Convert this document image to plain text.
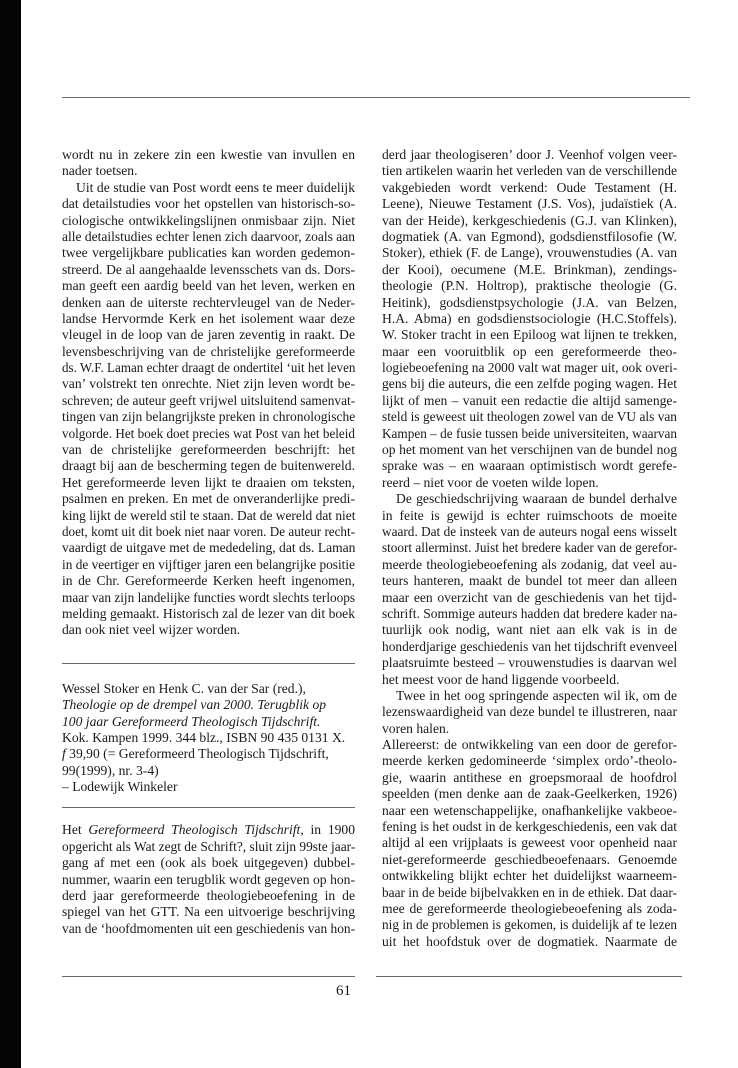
wordt nu in zekere zin een kwestie van invullen en
nader toetsen.
Uit de studie van Post wordt eens te meer duidelijk
dat detailstudies voor het opstellen van historisch-so-
ciologische ontwikkelingslijnen onmisbaar zijn. Niet
alle detailstudies echter lenen zich daarvoor, zoals aan
twee vergelijkbare publicaties kan worden gedemon-
streerd. De al aangehaalde levensschets van ds. Dors-
man geeft een aardig beeld van het leven, werken en
denken aan de uiterste rechtervleugel van de Neder-
landse Hervormde Kerk en het isolement waar deze
vleugel in de loop van de jaren zeventig in raakt. De
levensbeschrijving van de christelijke gereformeerde
ds. W.F. Laman echter draagt de ondertitel ‘uit het leven
van’ volstrekt ten onrechte. Niet zijn leven wordt be-
schreven; de auteur geeft vrijwel uitsluitend samenvat-
tingen van zijn belangrijkste preken in chronologische
volgorde. Het boek doet precies wat Post van het beleid
van de christelijke gereformeerden beschrijft: het
draagt bij aan de bescherming tegen de buitenwereld.
Het gereformeerde leven lijkt te draaien om teksten,
psalmen en preken. En met de onveranderlijke predi-
king lijkt de wereld stil te staan. Dat de wereld dat niet
doet, komt uit dit boek niet naar voren. De auteur recht-
vaardigt de uitgave met de mededeling, dat ds. Laman
in de veertiger en vijftiger jaren een belangrijke positie
in de Chr. Gereformeerde Kerken heeft ingenomen,
maar van zijn landelijke functies wordt slechts terloops
melding gemaakt. Historisch zal de lezer van dit boek
dan ook niet veel wijzer worden.
Wessel Stoker en Henk C. van der Sar (red.),
Theologie op de drempel van 2000. Terugblik op
100 jaar Gereformeerd Theologisch Tijdschrift.
Kok. Kampen 1999. 344 blz., ISBN 90 435 0131 X.
f 39,90 (= Gereformeerd Theologisch Tijdschrift,
99(1999), nr. 3-4)
– Lodewijk Winkeler
Het Gereformeerd Theologisch Tijdschrift, in 1900
opgericht als Wat zegt de Schrift?, sluit zijn 99ste jaar-
gang af met een (ook als boek uitgegeven) dubbel-
nummer, waarin een terugblik wordt gegeven op hon-
derd jaar gereformeerde theologiebeoefening in de
spiegel van het GTT. Na een uitvoerige beschrijving
van de ‘hoofdmomenten uit een geschiedenis van hon-
derd jaar theologiseren’ door J. Veenhof volgen veer-
tien artikelen waarin het verleden van de verschillende
vakgebieden wordt verkend: Oude Testament (H.
Leene), Nieuwe Testament (J.S. Vos), judaïstiek (A.
van der Heide), kerkgeschiedenis (G.J. van Klinken),
dogmatiek (A. van Egmond), godsdienstfilosofie (W.
Stoker), ethiek (F. de Lange), vrouwenstudies (A. van
der Kooi), oecumene (M.E. Brinkman), zendings-
theologie (P.N. Holtrop), praktische theologie (G.
Heitink), godsdienstpsychologie (J.A. van Belzen,
H.A. Abma) en godsdienstsociologie (H.C.Stoffels).
W. Stoker tracht in een Epiloog wat lijnen te trekken,
maar een vooruitblik op een gereformeerde theo-
logiebeoefening na 2000 valt wat mager uit, ook overi-
gens bij die auteurs, die een zelfde poging wagen. Het
lijkt of men – vanuit een redactie die altijd samenge-
steld is geweest uit theologen zowel van de VU als van
Kampen – de fusie tussen beide universiteiten, waarvan
op het moment van het verschijnen van de bundel nog
sprake was – en waaraan optimistisch wordt gerefe-
reerd – niet voor de voeten wilde lopen.
De geschiedschrijving waaraan de bundel derhalve
in feite is gewijd is echter ruimschoots de moeite
waard. Dat de insteek van de auteurs nogal eens wisselt
stoort allerminst. Juist het bredere kader van de gerefor-
meerde theologiebeoefening als zodanig, dat veel au-
teurs hanteren, maakt de bundel tot meer dan alleen
maar een overzicht van de geschiedenis van het tijd-
schrift. Sommige auteurs hadden dat bredere kader na-
tuurlijk ook nodig, want niet aan elk vak is in de
honderdjarige geschiedenis van het tijdschrift evenveel
plaatsruimte besteed – vrouwenstudies is daarvan wel
het meest voor de hand liggende voorbeeld.
Twee in het oog springende aspecten wil ik, om de
lezenswaardigheid van deze bundel te illustreren, naar
voren halen.
Allereerst: de ontwikkeling van een door de gerefor-
meerde kerken gedomineerde ‘simplex ordo’-theolo-
gie, waarin antithese en groepsmoraal de hoofdrol
speelden (men denke aan de zaak-Geelkerken, 1926)
naar een wetenschappelijke, onafhankelijke vakbeoe-
fening is het oudst in de kerkgeschiedenis, een vak dat
altijd al een vrijplaats is geweest voor openheid naar
niet-gereformeerde geschiedbeoefenaars. Genoemde
ontwikkeling blijkt echter het duidelijkst waarneem-
baar in de beide bijbelvakken en in de ethiek. Dat daar-
mee de gereformeerde theologiebeoefening als zoda-
nig in de problemen is gekomen, is duidelijk af te lezen
uit het hoofdstuk over de dogmatiek. Naarmate de
61
